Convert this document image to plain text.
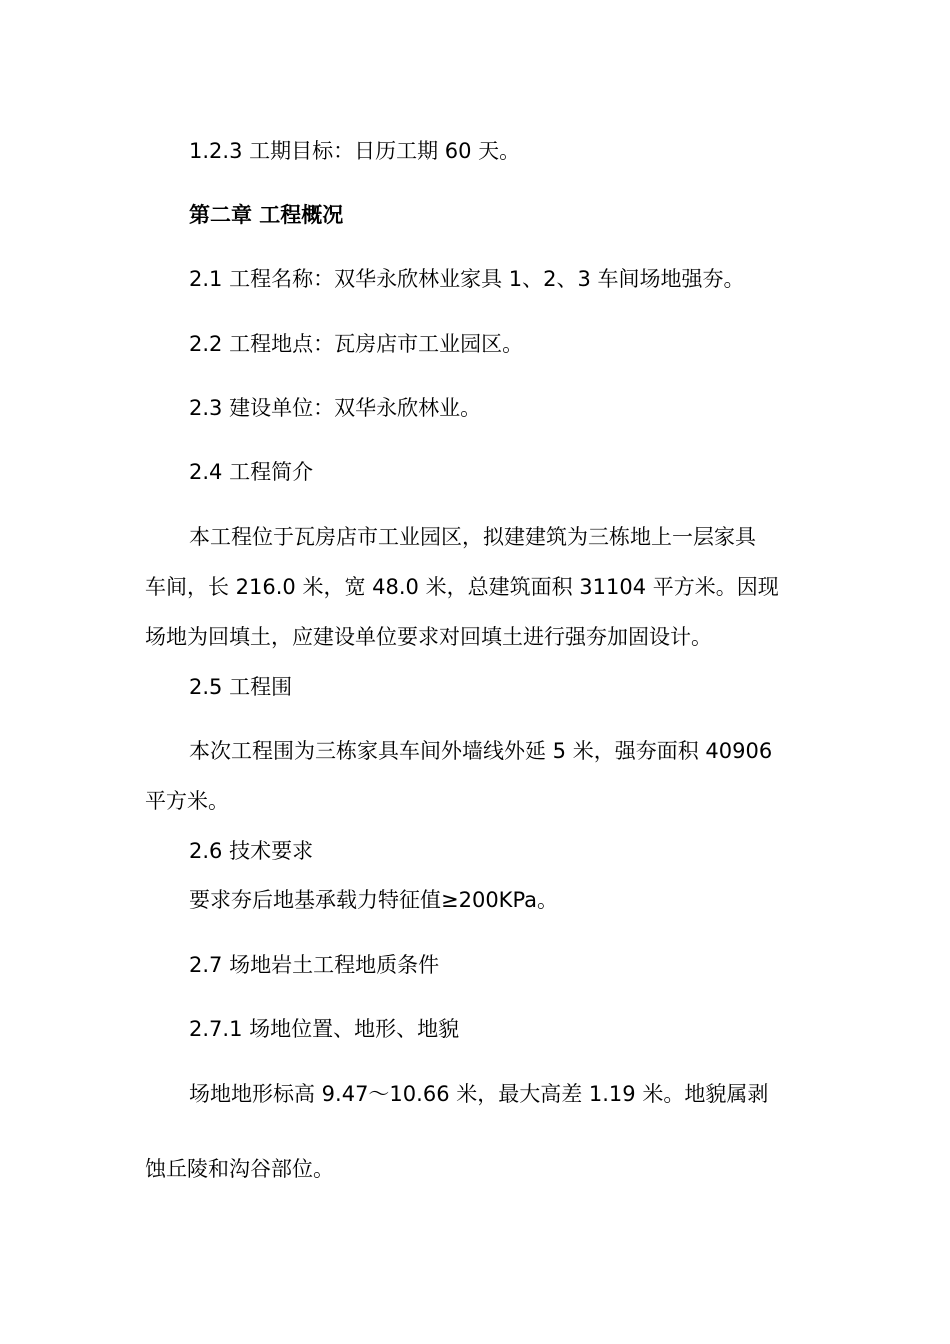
1.2.3 工期目标：日历工期 60 天。
第二章 工程概况
2.1 工程名称：双华永欣林业家具 1、2、3 车间场地强夯。
2.2 工程地点：瓦房店市工业园区。
2.3 建设单位：双华永欣林业。
2.4 工程简介
本工程位于瓦房店市工业园区，拟建建筑为三栋地上一层家具
车间，长 216.0 米，宽 48.0 米，总建筑面积 31104 平方米。因现
场地为回填土，应建设单位要求对回填土进行强夯加固设计。
2.5 工程围
本次工程围为三栋家具车间外墙线外延 5 米，强夯面积 40906
平方米。
2.6 技术要求
要求夯后地基承载力特征值≥200KPa。
2.7 场地岩土工程地质条件
2.7.1 场地位置、地形、地貌
场地地形标高 9.47～10.66 米，最大高差 1.19 米。地貌属剥
蚀丘陵和沟谷部位。
